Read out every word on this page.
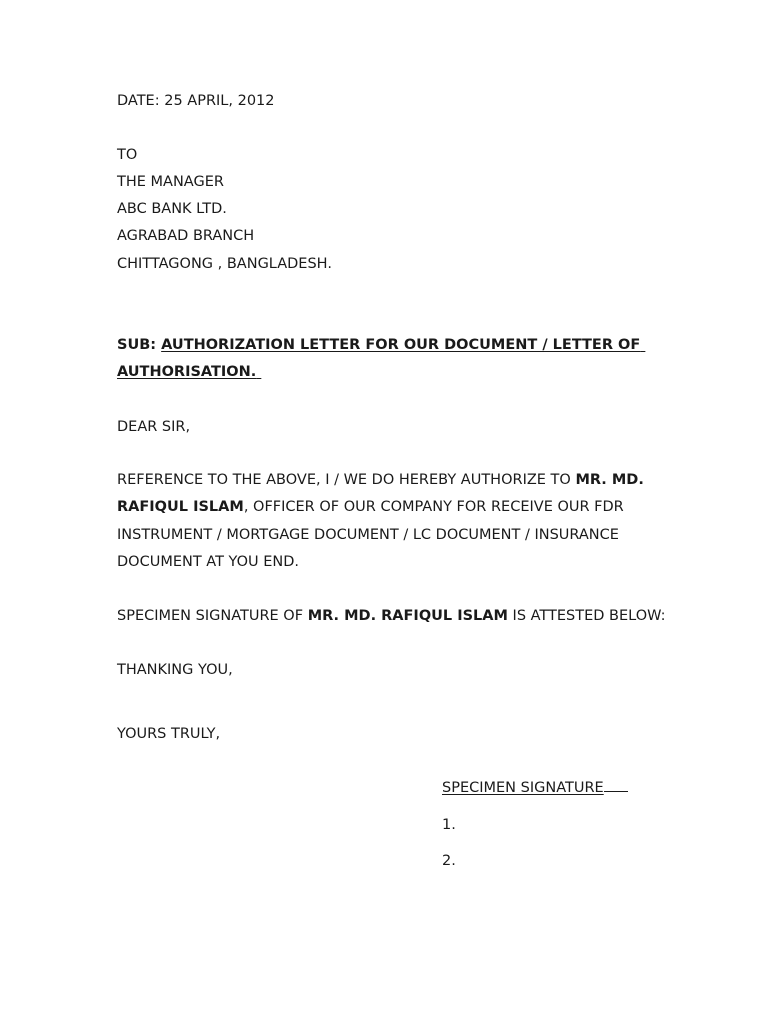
DATE: 25 APRIL, 2012
TO
THE MANAGER
ABC BANK LTD.
AGRABAD BRANCH
CHITTAGONG , BANGLADESH.
SUB: AUTHORIZATION LETTER FOR OUR DOCUMENT / LETTER OF
AUTHORISATION.
DEAR SIR,
REFERENCE TO THE ABOVE, I / WE DO HEREBY AUTHORIZE TO MR. MD.
RAFIQUL ISLAM, OFFICER OF OUR COMPANY FOR RECEIVE OUR FDR
INSTRUMENT / MORTGAGE DOCUMENT / LC DOCUMENT / INSURANCE
DOCUMENT AT YOU END.
SPECIMEN SIGNATURE OF MR. MD. RAFIQUL ISLAM IS ATTESTED BELOW:
THANKING YOU,
YOURS TRULY,
SPECIMEN SIGNATURE
1.
2.
